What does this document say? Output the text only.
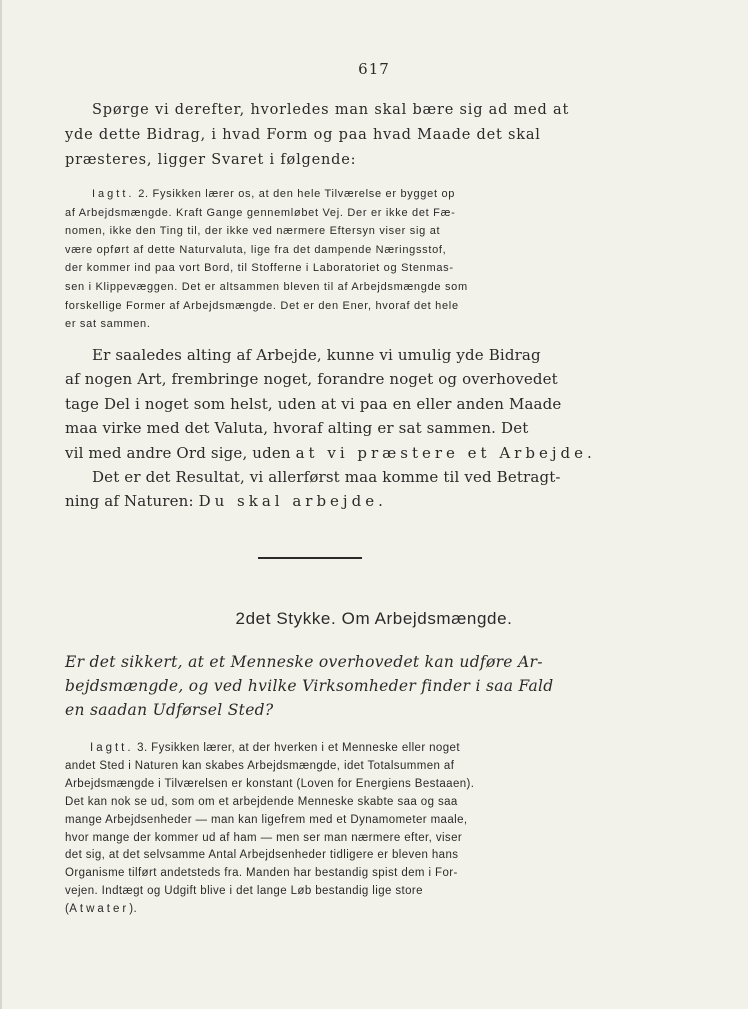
617
Spørge vi derefter, hvorledes man skal bære sig ad med at
yde dette Bidrag, i hvad Form og paa hvad Maade det skal
præsteres, ligger Svaret i følgende:
Iagtt. 2. Fysikken lærer os, at den hele Tilværelse er bygget op
af Arbejdsmængde. Kraft Gange gennemløbet Vej. Der er ikke det Fæ-
nomen, ikke den Ting til, der ikke ved nærmere Eftersyn viser sig at
være opført af dette Naturvaluta, lige fra det dampende Næringsstof,
der kommer ind paa vort Bord, til Stofferne i Laboratoriet og Stenmas-
sen i Klippevæggen. Det er altsammen bleven til af Arbejdsmængde som
forskellige Former af Arbejdsmængde. Det er den Ener, hvoraf det hele
er sat sammen.
Er saaledes alting af Arbejde, kunne vi umulig yde Bidrag
af nogen Art, frembringe noget, forandre noget og overhovedet
tage Del i noget som helst, uden at vi paa en eller anden Maade
maa virke med det Valuta, hvoraf alting er sat sammen. Det
vil med andre Ord sige, uden at vi præstere et Arbejde.
Det er det Resultat, vi allerførst maa komme til ved Betragt-
ning af Naturen: Du skal arbejde.
2det Stykke. Om Arbejdsmængde.
Er det sikkert, at et Menneske overhovedet kan udføre Ar-
bejdsmængde, og ved hvilke Virksomheder finder i saa Fald
en saadan Udførsel Sted?
Iagtt. 3. Fysikken lærer, at der hverken i et Menneske eller noget
andet Sted i Naturen kan skabes Arbejdsmængde, idet Totalsummen af
Arbejdsmængde i Tilværelsen er konstant (Loven for Energiens Bestaaen).
Det kan nok se ud, som om et arbejdende Menneske skabte saa og saa
mange Arbejdsenheder — man kan ligefrem med et Dynamometer maale,
hvor mange der kommer ud af ham — men ser man nærmere efter, viser
det sig, at det selvsamme Antal Arbejdsenheder tidligere er bleven hans
Organisme tilført andetsteds fra. Manden har bestandig spist dem i For-
vejen. Indtægt og Udgift blive i det lange Løb bestandig lige store
(Atwater).
